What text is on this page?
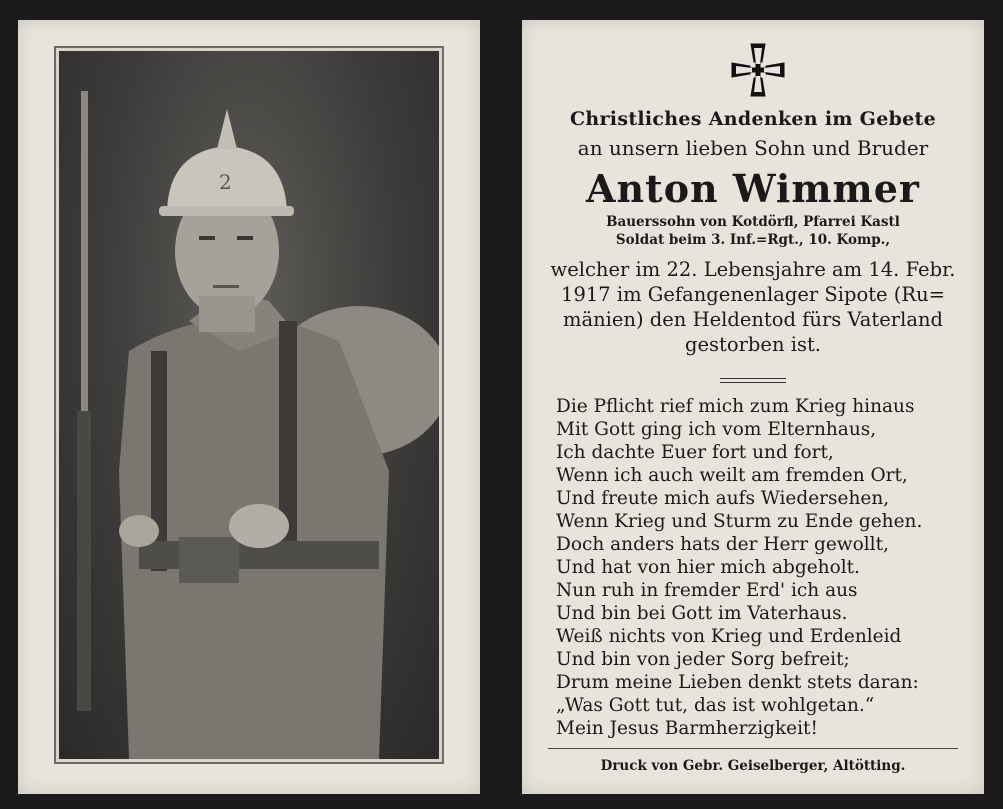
2
Christliches Andenken im Gebete
an unsern lieben Sohn und Bruder
Anton Wimmer
Bauerssohn von Kotdörfl, Pfarrei Kastl
Soldat beim 3. Inf.=Rgt., 10. Komp.,
welcher im 22. Lebensjahre am 14. Febr.
1917 im Gefangenenlager Sipote (Ru=
mänien) den Heldentod fürs Vaterland
gestorben ist.
Die Pflicht rief mich zum Krieg hinaus
Mit Gott ging ich vom Elternhaus,
Ich dachte Euer fort und fort,
Wenn ich auch weilt am fremden Ort,
Und freute mich aufs Wiedersehen,
Wenn Krieg und Sturm zu Ende gehen.
Doch anders hats der Herr gewollt,
Und hat von hier mich abgeholt.
Nun ruh in fremder Erd' ich aus
Und bin bei Gott im Vaterhaus.
Weiß nichts von Krieg und Erdenleid
Und bin von jeder Sorg befreit;
Drum meine Lieben denkt stets daran:
„Was Gott tut, das ist wohlgetan.“
Mein Jesus Barmherzigkeit!
Druck von Gebr. Geiselberger, Altötting.
